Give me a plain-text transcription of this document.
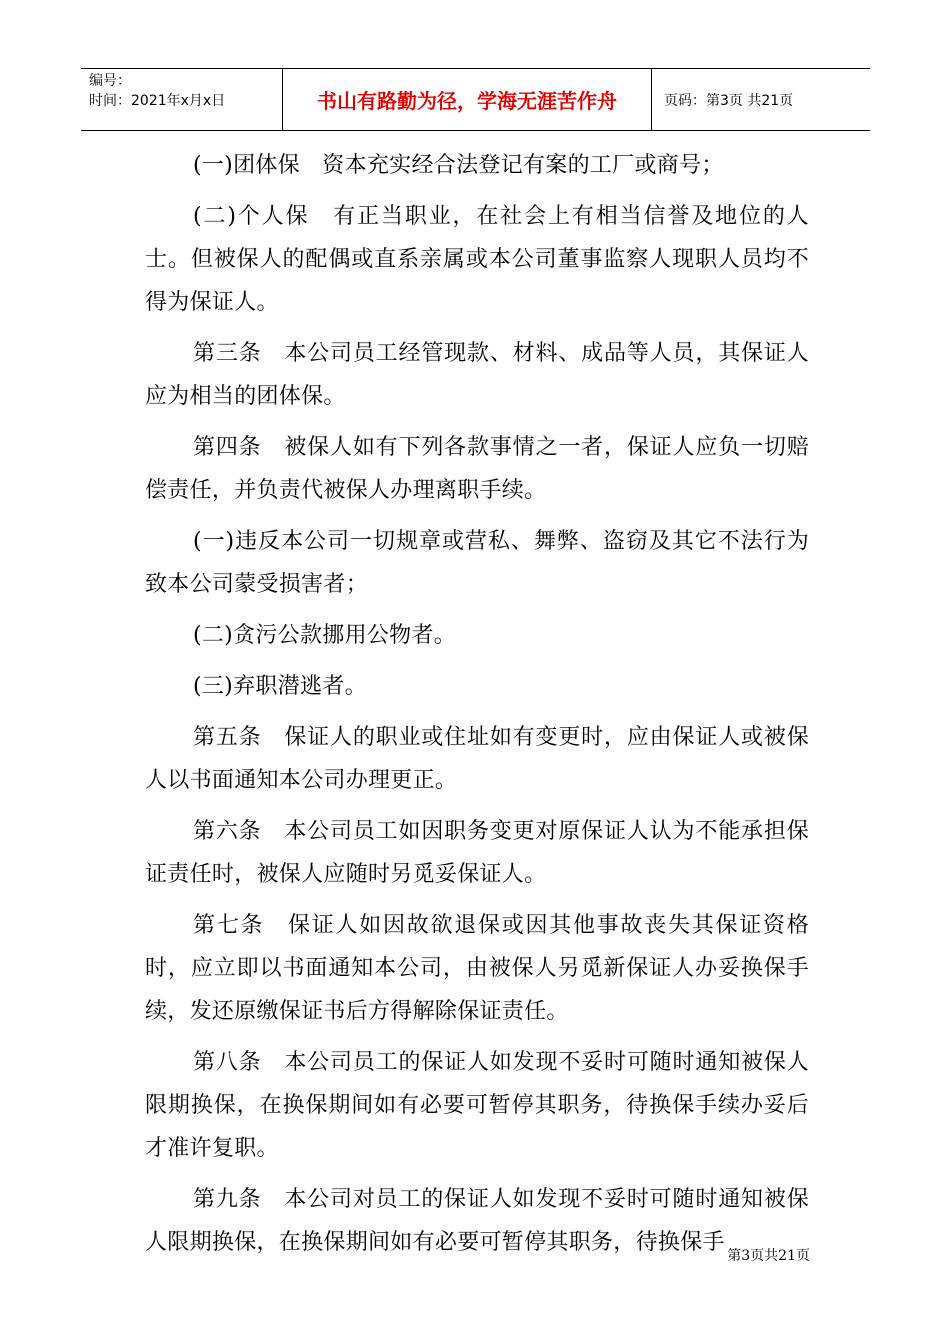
编号：
时间：2021年x月x日	书山有路勤为径，学海无涯苦作舟	页码：第3页 共21页

(一)团体保　资本充实经合法登记有案的工厂或商号；

(二)个人保　有正当职业，在社会上有相当信誉及地位的人士。但被保人的配偶或直系亲属或本公司董事监察人现职人员均不得为保证人。

第三条　本公司员工经管现款、材料、成品等人员，其保证人应为相当的团体保。

第四条　被保人如有下列各款事情之一者，保证人应负一切赔偿责任，并负责代被保人办理离职手续。

(一)违反本公司一切规章或营私、舞弊、盗窃及其它不法行为致本公司蒙受损害者；

(二)贪污公款挪用公物者。

(三)弃职潜逃者。

第五条　保证人的职业或住址如有变更时，应由保证人或被保人以书面通知本公司办理更正。

第六条　本公司员工如因职务变更对原保证人认为不能承担保证责任时，被保人应随时另觅妥保证人。

第七条　保证人如因故欲退保或因其他事故丧失其保证资格时，应立即以书面通知本公司，由被保人另觅新保证人办妥换保手续，发还原缴保证书后方得解除保证责任。

第八条　本公司员工的保证人如发现不妥时可随时通知被保人限期换保，在换保期间如有必要可暂停其职务，待换保手续办妥后才准许复职。

第九条　本公司对员工的保证人如发现不妥时可随时通知被保人限期换保，在换保期间如有必要可暂停其职务，待换保手

第3页共21页
